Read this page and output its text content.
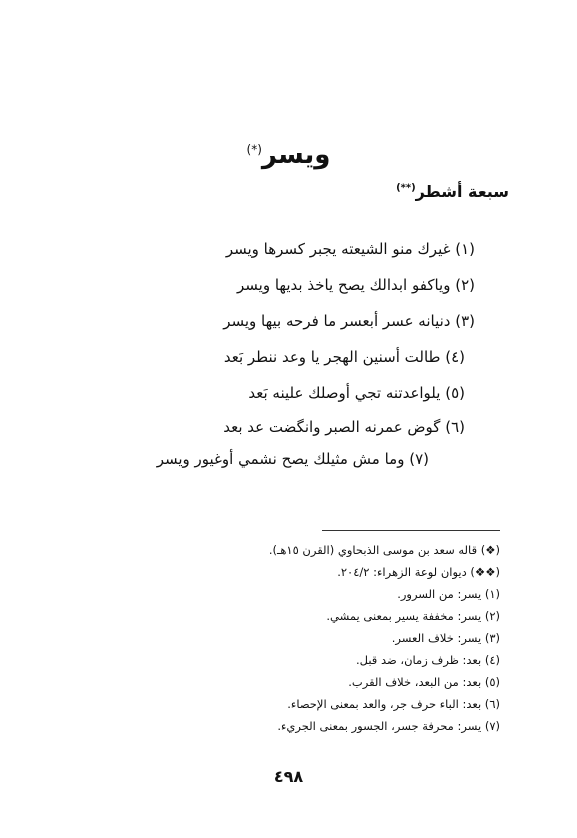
ويسر(*)
سبعة أشطر(**)
(١) غيرك منو الشيعته يجبر كسرها ويسر
(٢) وياكفو ابدالك يصح ياخذ بديها ويسر
(٣) دنيانه عسر أبعسر ما فرحه بيها ويسر
(٤) طالت أسنين الهجر يا وعد ننطر بَعد
(٥) يلواعدتنه تجي أوصلك علينه بَعد
(٦) گوض عمرنه الصبر وانگضت عد بعد
(٧) وما مش مثيلك يصح نشمي أوغيور ويسر
(❖) قاله سعد بن موسى الذبحاوي (القرن ١٥هـ).
(❖❖) ديوان لوعة الزهراء: ٢٠٤/٢.
(١) يسر: من السرور.
(٢) يسر: مخففة يسير بمعنى يمشي.
(٣) يسر: خلاف العسر.
(٤) بعد: ظرف زمان، ضد قبل.
(٥) بعد: من البعد، خلاف القرب.
(٦) بعد: الباء حرف جر، والعد بمعنى الإحصاء.
(٧) يسر: محرفة جسر، الجسور بمعنى الجريء.
٤٩٨
